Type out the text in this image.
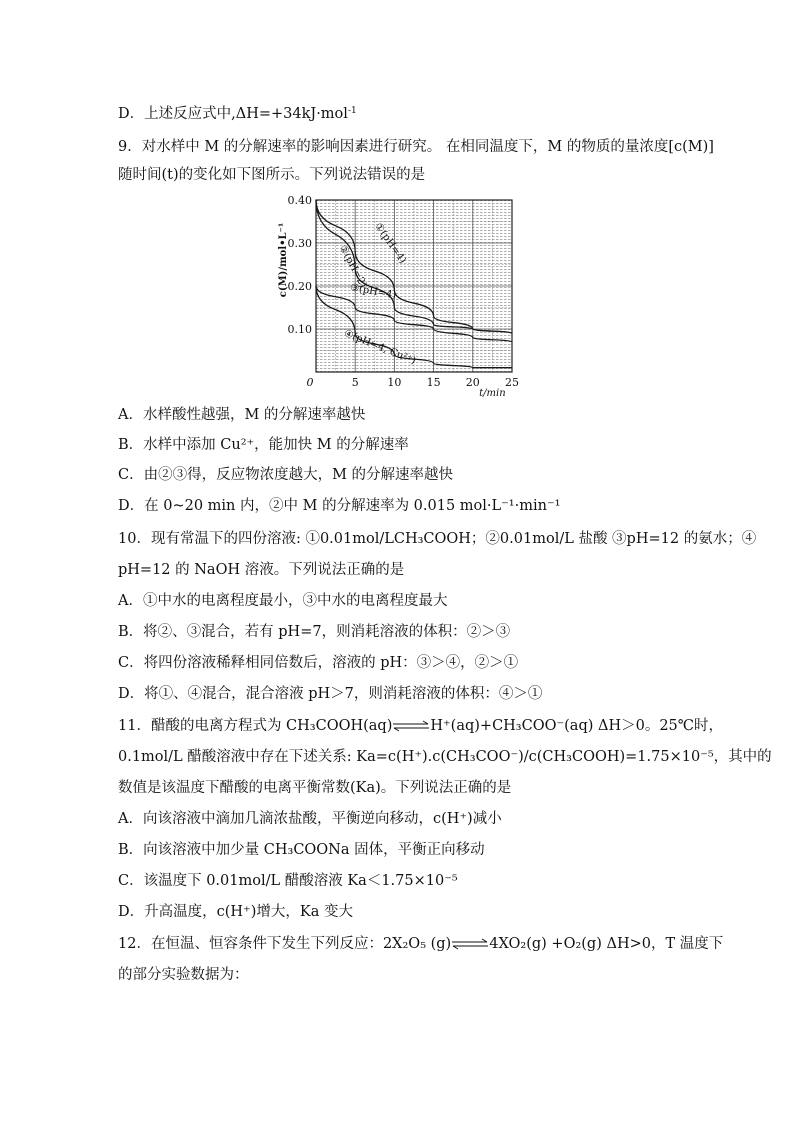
D．上述反应式中,ΔH=+34kJ·mol$^{-1}$
9．对水样中 M 的分解速率的影响因素进行研究。 在相同温度下，M 的物质的量浓度[c(M)]
随时间(t)的变化如下图所示。下列说法错误的是
A．水样酸性越强，M 的分解速率越快
B．水样中添加 Cu²⁺，能加快 M 的分解速率
C．由②③得，反应物浓度越大，M 的分解速率越快
D．在 0~20 min 内，②中 M 的分解速率为 0.015 mol·L⁻¹·min⁻¹
10．现有常温下的四份溶液: ①0.01mol/LCH₃COOH；②0.01mol/L 盐酸 ③pH=12 的氨水；④
pH=12 的 NaOH 溶液。下列说法正确的是
A．①中水的电离程度最小，③中水的电离程度最大
B．将②、③混合，若有 pH=7，则消耗溶液的体积：②＞③
C．将四份溶液稀释相同倍数后，溶液的 pH：③＞④，②＞①
D．将①、④混合，混合溶液 pH＞7，则消耗溶液的体积：④＞①
0.1mol/L 醋酸溶液中存在下述关系: Ka=c(H⁺).c(CH₃COO⁻)/c(CH₃COOH)=1.75×10⁻⁵，其中的
数值是该温度下醋酸的电离平衡常数(Ka)。下列说法正确的是
A．向该溶液中滴加几滴浓盐酸，平衡逆向移动，c(H⁺)减小
B．向该溶液中加少量 CH₃COONa 固体，平衡正向移动
C．该温度下 0.01mol/L 醋酸溶液 Ka＜1.75×10⁻⁵
D．升高温度，c(H⁺)增大，Ka 变大
的部分实验数据为：
11．醋酸的电离方程式为 CH₃COOH(aq)⇌H⁺(aq)+CH₃COO⁻(aq) ΔH＞0。25℃时，
12．在恒温、恒容条件下发生下列反应：2X₂O₅ (g)⇌4XO₂(g) +O₂(g) ΔH>0，T 温度下
0	5	10 15 20 25
0.10
0.20
0.30
0.40
t/min
c(M)/mol•L⁻¹	①(pH=4)
②(pH=2)
③(pH=4)
④(pH=4, Cu²⁺)
